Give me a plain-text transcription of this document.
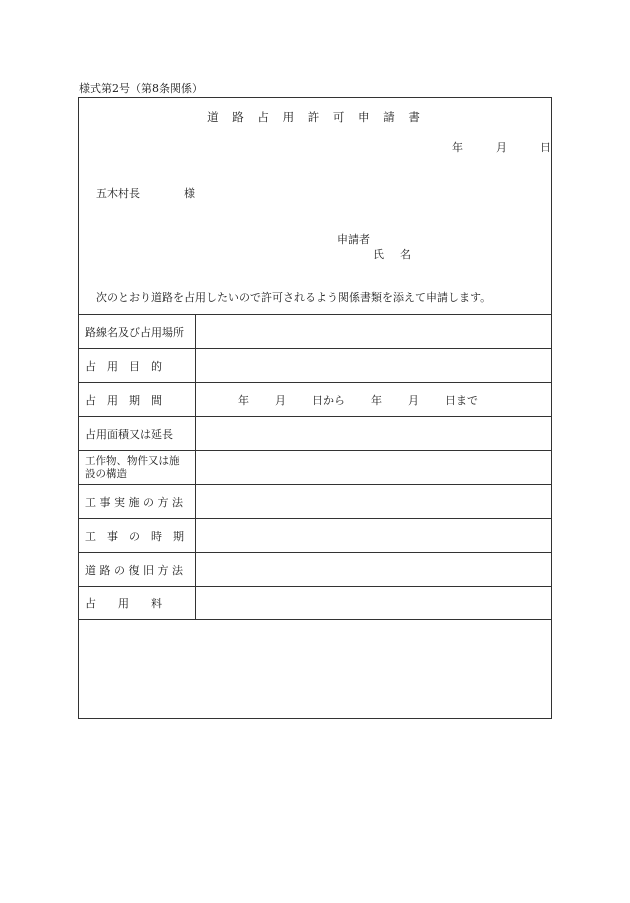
様式第2号（第8条関係）
道 路 占 用 許 可 申 請 書
年	月	日
五木村長	様
申請者
氏 名
次のとおり道路を占用したいので許可されるよう関係書類を添えて申請します。
路線名及び占用場所
占　用　目　的
占　用　期　間	年 月 日から 年 月 日まで
占用面積又は延長
工作物、物件又は施設の構造
工 事 実 施 の 方 法
工　事　の　時　期
道 路 の 復 旧 方 法
占　　用　　料
